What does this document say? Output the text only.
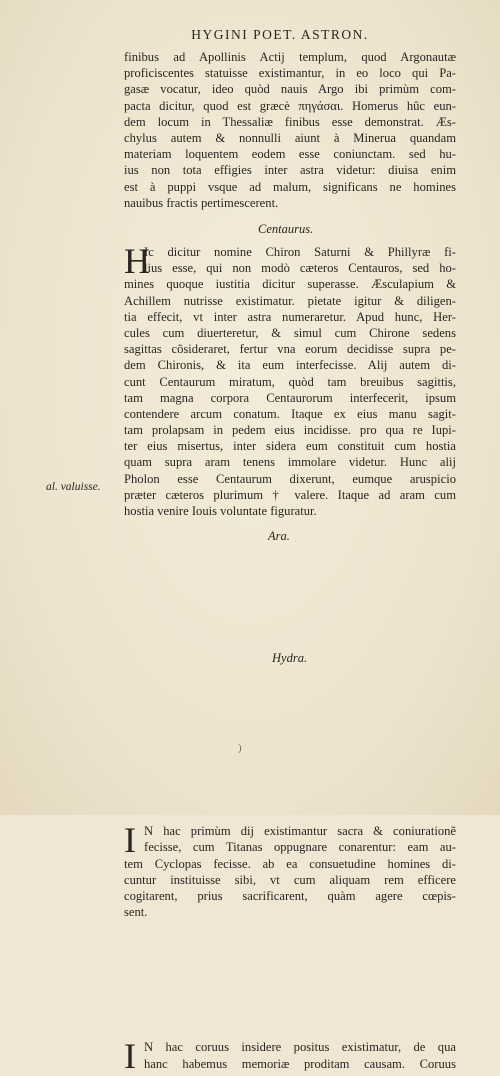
HYGINI POET. ASTRON.
finibus ad Apollinis Actij templum, quod Argonautæ
proficiscentes statuisse existimantur, in eo loco qui Pa-
gasæ vocatur, ideo quòd nauis Argo ibi primùm com-
pacta dicitur, quod est græcè πηγάσαι. Homerus hûc eun-
dem locum in Thessaliæ finibus esse demonstrat. Æs-
chylus autem & nonnulli aiunt à Minerua quandam
materiam loquentem eodem esse coniunctam. sed hu-
ius non tota effigies inter astra videtur: diuisa enim
est à puppi vsque ad malum, significans ne homines
nauibus fractis pertimescerent.
Centaurus.
H
Ic dicitur nomine Chiron Saturni & Phillyræ fi-
lius esse, qui non modò cæteros Centauros, sed ho-
mines quoque iustitia dicitur superasse. Æsculapium &
Achillem nutrisse existimatur. pietate igitur & diligen-
tia effecit, vt inter astra numeraretur. Apud hunc, Her-
cules cum diuerteretur, & simul cum Chirone sedens
sagittas cõsideraret, fertur vna eorum decidisse supra pe-
dem Chironis, & ita eum interfecisse. Alij autem di-
cunt Centaurum miratum, quòd tam breuibus sagittis,
tam magna corpora Centaurorum interfecerit, ipsum
contendere arcum conatum. Itaque ex eius manu sagit-
tam prolapsam in pedem eius incidisse. pro qua re Iupi-
ter eius misertus, inter sidera eum constituit cum hostia
quam supra aram tenens immolare videtur. Hunc alij
Pholon esse Centaurum dixerunt, eumque aruspicio
præter cæteros plurimum † valere. Itaque ad aram cum
hostia venire Iouis voluntate figuratur.
al. valuisse.
Ara.
I N hac primùm dij existimantur sacra & coniurationẽ
fecisse, cum Titanas oppugnare conarentur: eam au-
tem Cyclopas fecisse. ab ea consuetudine homines di-
cuntur instituisse sibi, vt cum aliquam rem efficere
cogitarent, prius sacrificarent, quàm agere cœpis-
sent.
Hydra.
I N hac coruus insidere positus existimatur, de qua
hanc habemus memoriæ proditam causam. Coruus
)
